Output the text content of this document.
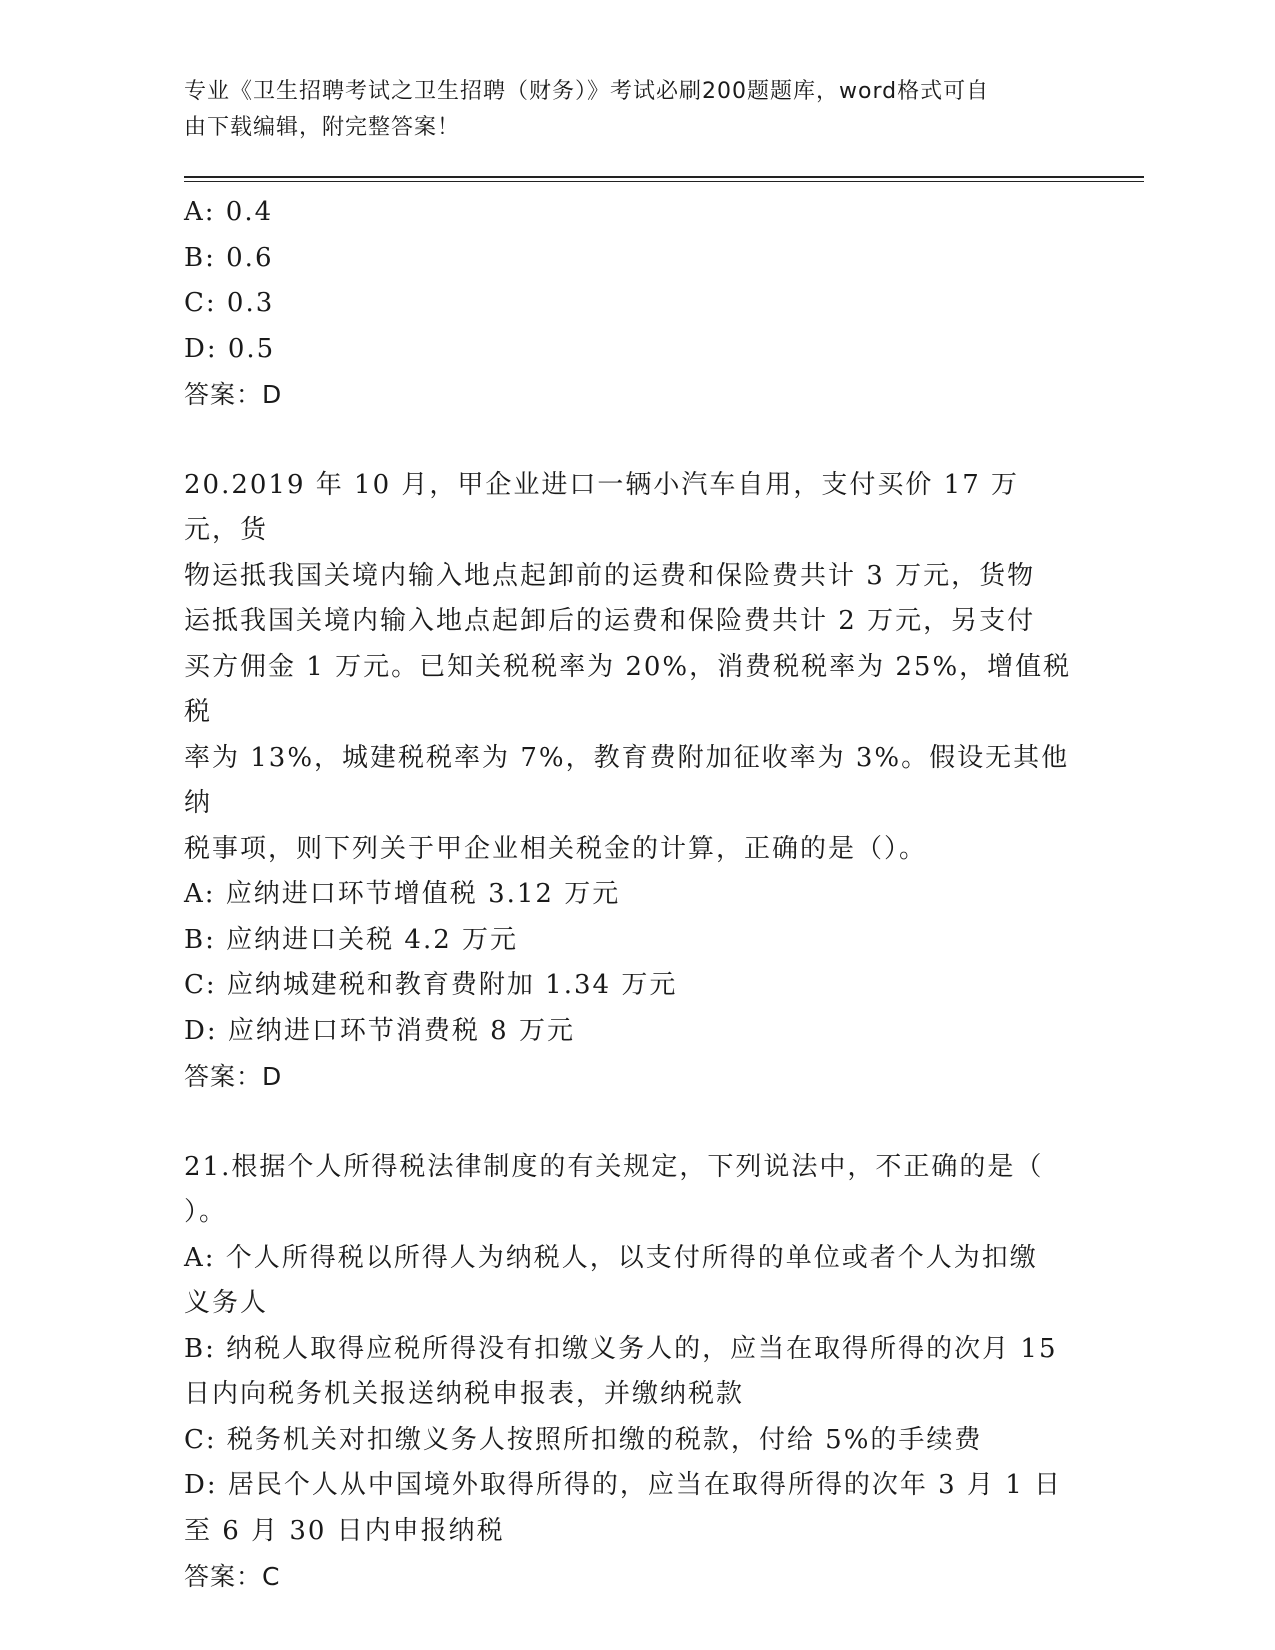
专业《卫生招聘考试之卫生招聘（财务）》考试必刷200题题库，word格式可自
由下载编辑，附完整答案！
A: 0.4
B: 0.6
C: 0.3
D: 0.5
答案：D
20.2019 年 10 月，甲企业进口一辆小汽车自用，支付买价 17 万元，货
物运抵我国关境内输入地点起卸前的运费和保险费共计 3 万元，货物
运抵我国关境内输入地点起卸后的运费和保险费共计 2 万元，另支付
买方佣金 1 万元。已知关税税率为 20%，消费税税率为 25%，增值税税
率为 13%，城建税税率为 7%，教育费附加征收率为 3%。假设无其他纳
税事项，则下列关于甲企业相关税金的计算，正确的是（）。
A: 应纳进口环节增值税 3.12 万元
B: 应纳进口关税 4.2 万元
C: 应纳城建税和教育费附加 1.34 万元
D: 应纳进口环节消费税 8 万元
答案：D
21.根据个人所得税法律制度的有关规定，下列说法中，不正确的是（
）。
A: 个人所得税以所得人为纳税人，以支付所得的单位或者个人为扣缴
义务人
B: 纳税人取得应税所得没有扣缴义务人的，应当在取得所得的次月 15
日内向税务机关报送纳税申报表，并缴纳税款
C: 税务机关对扣缴义务人按照所扣缴的税款，付给 5%的手续费
D: 居民个人从中国境外取得所得的，应当在取得所得的次年 3 月 1 日
至 6 月 30 日内申报纳税
答案：C
